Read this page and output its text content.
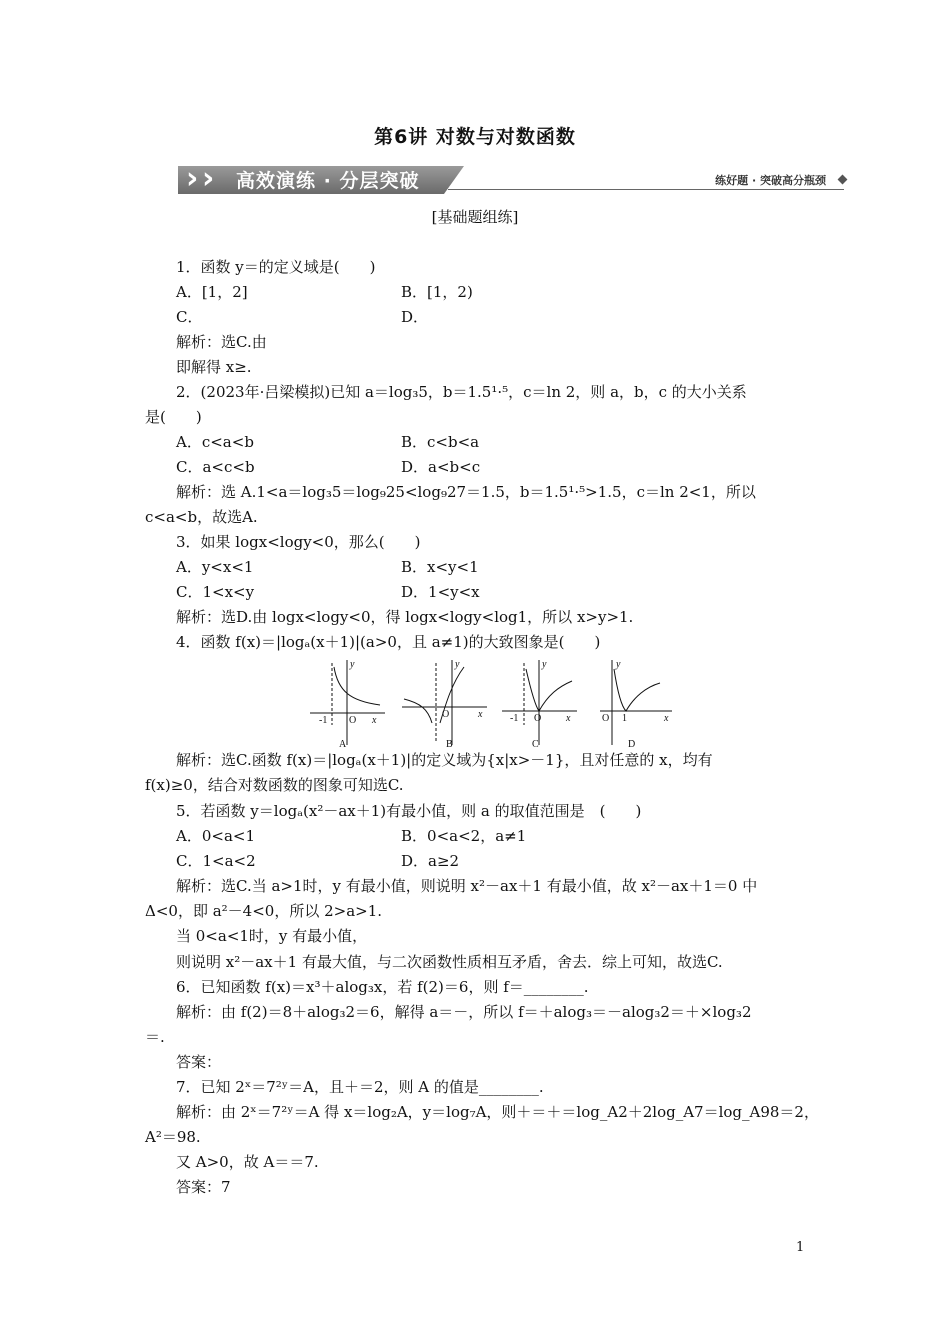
第6讲 对数与对数函数
› › 高效演练 · 分层突破	练好题 · 突破高分瓶颈
[基础题组练]
1．函数 y＝的定义域是(　　)
A．[1，2]	B．[1，2)
C．	D．
解析：选C.由
即解得 x≥.
2．(2023年·吕梁模拟)已知 a＝log₃5，b＝1.5¹·⁵，c＝ln 2，则 a，b，c 的大小关系
是(　　)
A．c<a<b	B．c<b<a
C．a<c<b	D．a<b<c
解析：选 A.1<a＝log₃5＝log₉25<log₉27＝1.5，b＝1.5¹·⁵>1.5，c＝ln 2<1，所以
c<a<b，故选A.
3．如果 logx<logy<0，那么(　　)
A．y<x<1	B．x<y<1
C．1<x<y	D．1<y<x
解析：选D.由 logx<logy<0，得 logx<logy<log1，所以 x>y>1.
4．函数 f(x)＝|logₐ(x＋1)|(a>0，且 a≠1)的大致图象是(　　)
y
x
-1 O
A
y
x
O
B
y
x
-1 O
C
y
x
O 1
D
解析：选C.函数 f(x)＝|logₐ(x＋1)|的定义域为{x|x>－1}，且对任意的 x，均有
f(x)≥0，结合对数函数的图象可知选C.
5．若函数 y＝logₐ(x²－ax＋1)有最小值，则 a 的取值范围是　(　　)
A．0<a<1	B．0<a<2，a≠1
C．1<a<2	D．a≥2
解析：选C.当 a>1时，y 有最小值，则说明 x²－ax＋1 有最小值，故 x²－ax＋1＝0 中
Δ<0，即 a²－4<0，所以 2>a>1.
当 0<a<1时，y 有最小值，
则说明 x²－ax＋1 有最大值，与二次函数性质相互矛盾，舍去．综上可知，故选C.
6．已知函数 f(x)＝x³＋alog₃x，若 f(2)＝6，则 f＝________.
解析：由 f(2)＝8＋alog₃2＝6，解得 a＝－，所以 f＝＋alog₃＝－alog₃2＝＋×log₃2
＝.
答案：
7．已知 2ˣ＝7²ʸ＝A，且＋＝2，则 A 的值是________.
解析：由 2ˣ＝7²ʸ＝A 得 x＝log₂A，y＝log₇A，则＋＝＋＝log_A2＋2log_A7＝log_A98＝2，
A²＝98.
又 A>0，故 A＝＝7.
答案：7
1
